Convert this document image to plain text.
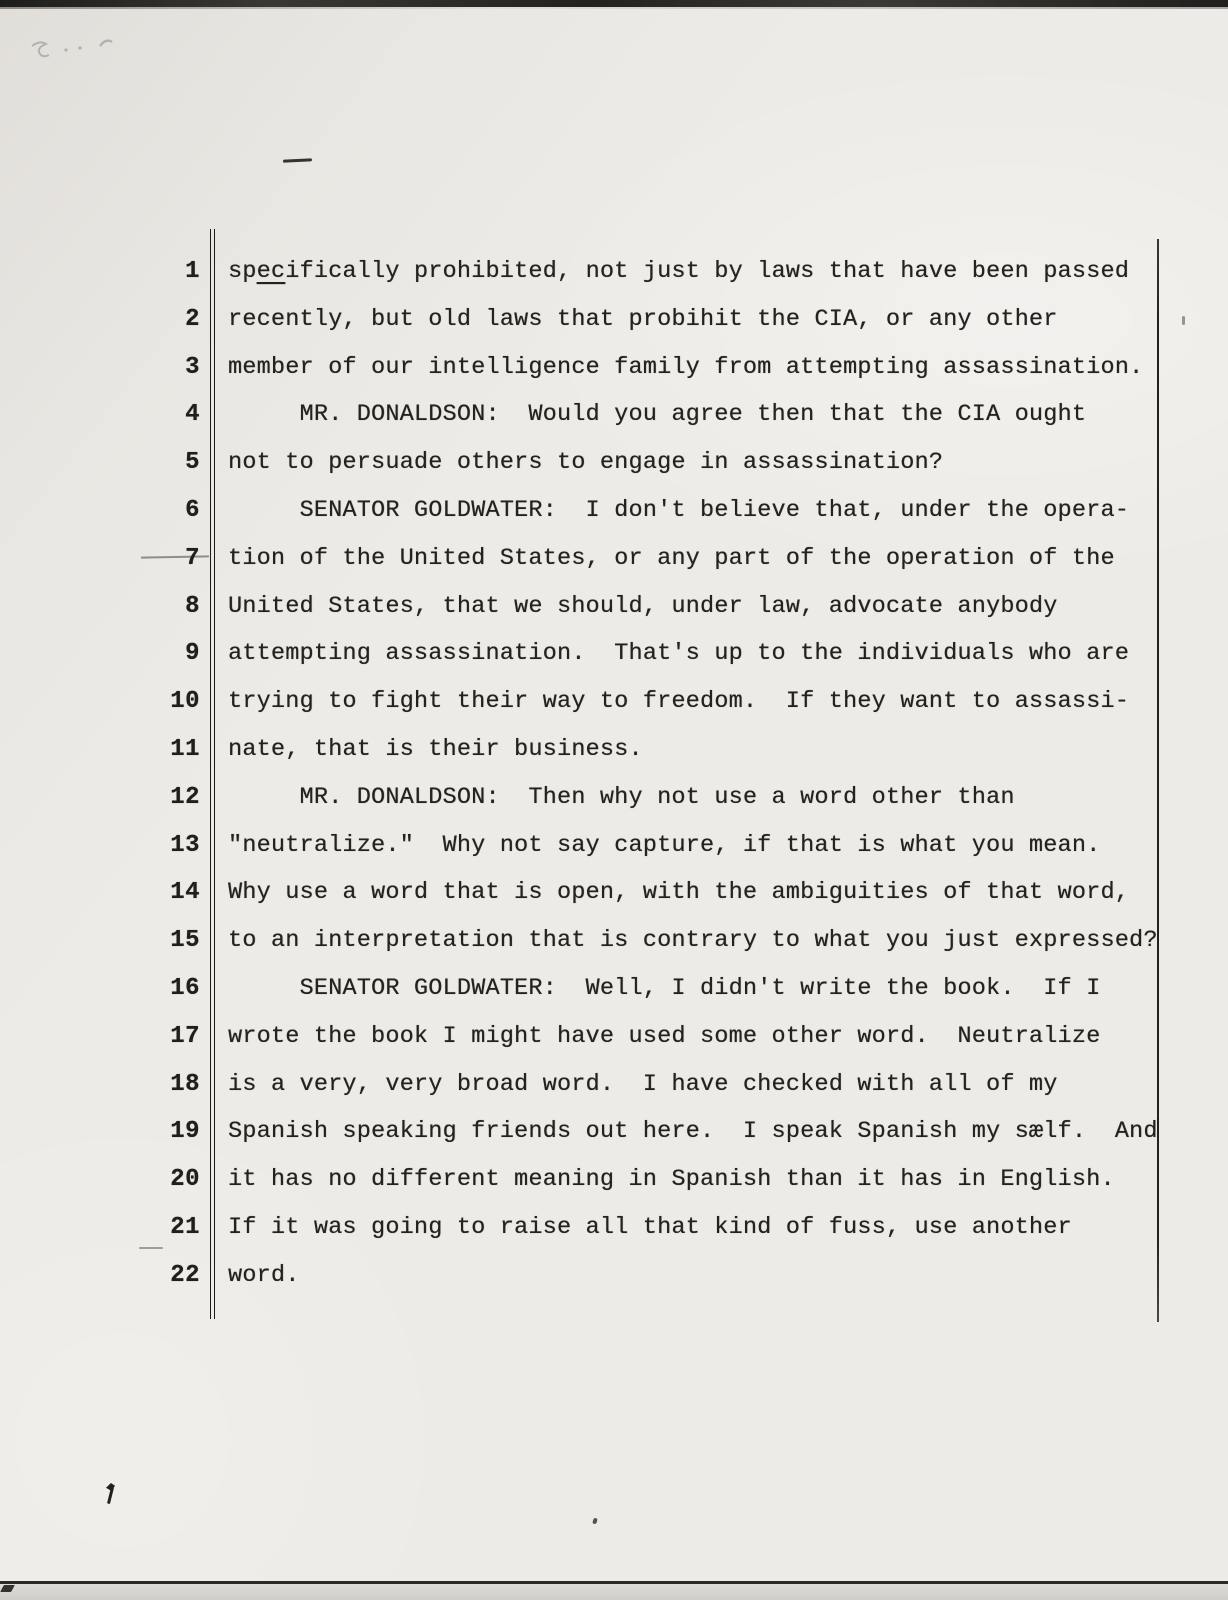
1 specifically prohibited, not just by laws that have been passed
2 recently, but old laws that probihit the CIA, or any other
3 member of our intelligence family from attempting assassination.
4 MR. DONALDSON:  Would you agree then that the CIA ought
5 not to persuade others to engage in assassination?
6 SENATOR GOLDWATER:  I don't believe that, under the opera-
7 tion of the United States, or any part of the operation of the
8 United States, that we should, under law, advocate anybody
9 attempting assassination.  That's up to the individuals who are
10 trying to fight their way to freedom.  If they want to assassi-
11 nate, that is their business.
12 MR. DONALDSON:  Then why not use a word other than
13 "neutralize."  Why not say capture, if that is what you mean.
14 Why use a word that is open, with the ambiguities of that word,
15 to an interpretation that is contrary to what you just expressed?
16 SENATOR GOLDWATER:  Well, I didn't write the book.  If I
17 wrote the book I might have used some other word.  Neutralize
18 is a very, very broad word.  I have checked with all of my
19 Spanish speaking friends out here.  I speak Spanish my sælf.  And
20 it has no different meaning in Spanish than it has in English.
21 If it was going to raise all that kind of fuss, use another
22 word.
